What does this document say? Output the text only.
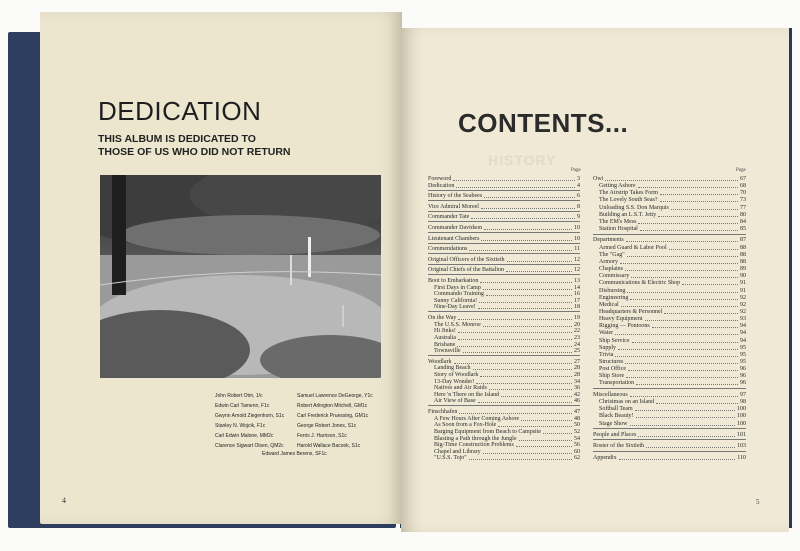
DEDICATION
THIS ALBUM IS DEDICATED TO
THOSE OF US WHO DID NOT RETURN
John Robert Otm, 1/c
Edwin Carl Tamenn, F1c
Gwynn Arnold Ziegenhorn, S1c
Stanley N. Wojcik, F1c
Carl Edwin Malone, MM2c
Clarence Sigwart Olsen, QM2c
Samuel Lawrence DeGeorge, Y1c
Robert Arlington Mitchell, GM1c
Carl Frederick Pruessing, GM1c
George Robert Jones, S1c
Ferris J. Harrison, S1c
Harold Wallace Bacook, S1c
Edward James Berens, SF1c
4
HISTORY
CONTENTS...
Page	Page
Foreword	3
Dedication	4
History of the Seabees	6
Vice Admiral Moreel	8
Commander Tate	9
Commander Davidson	10
Lieutenant Chambers	10
Commendations	11
Original Officers of the Sixtieth	12
Original Chiefs of the Battalion	12
Boot to Embarkation	13
First Days in Camp	14
Commando Training	16
Sunny California!	17
Nine-Day Leave!	18
On the Way	19
The U.S.S. Monroe	20
Hi Jinks!	22
Australia	23
Brisbane	24
Townsville	25
Woodlark	27
Landing Beach	28
Story of Woodlark	28
13-Day Wonder!	34
Natives and Air Raids	36
Here 'n There on the Island	42
Air View of Base	46
Finschhafen	47
A Few Hours After Coming Ashore	48
As Soon from a Fox-Hole	50
Barging Equipment from Beach to Campsite	52
Blasting a Path through the Jungle	54
Big-Time Construction Problems	56
Chapel and Library	60
"U.S.S. Tojo"	62
Owi	67
Getting Ashore	68
The Airstrip Takes Form	70
The Lovely South Seas?	73
Unloading S.S. Don Marquis	77
Building an L.S.T. Jetty	80
The EM's Mess	84
Station Hospital	85
Departments	87
Armed Guard & Labor Pool	88
The "Gag"	88
Armory	88
Chaplains	89
Commissary	90
Communications & Electric Shop	91
Disbursing	91
Engineering	92
Medical	92
Headquarters & Personnel	92
Heavy Equipment	93
Rigging — Pontoons	94
Water	94
Ship Service	94
Supply	95
Trivia	95
Structures	95
Post Office	96
Ship Store	96
Transportation	96
Miscellaneous	97
Christmas on an Island	98
Softball Team	100
Black Beauty!	100
Stage Show	100
People and Places	101
Roster of the Sixtieth	103
Appendix	110
5
